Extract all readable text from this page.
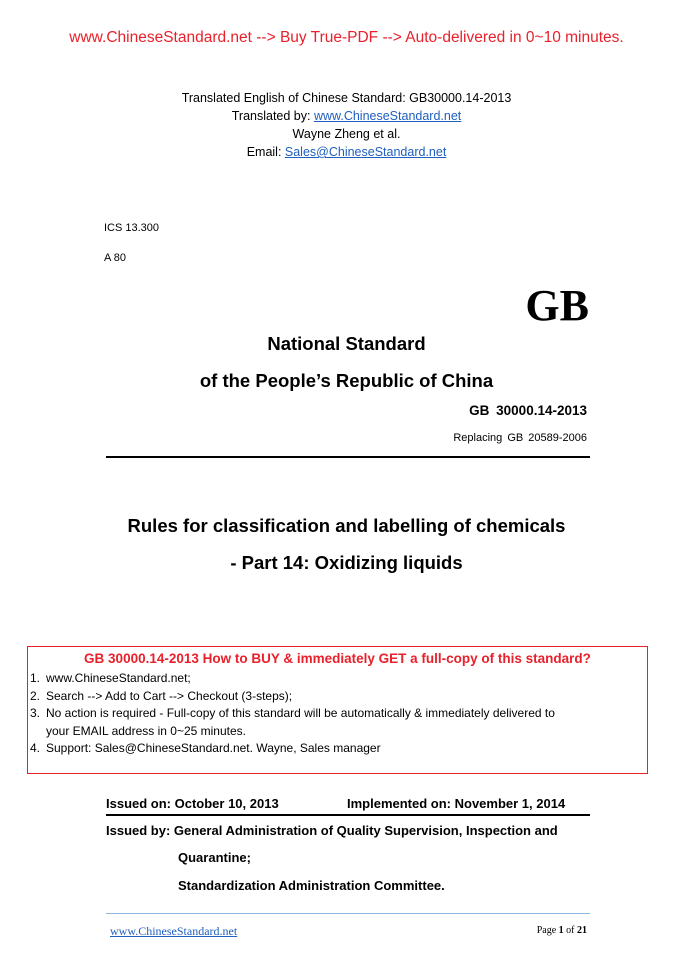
www.ChineseStandard.net --> Buy True-PDF --> Auto-delivered in 0~10 minutes.
Translated English of Chinese Standard: GB30000.14-2013
Translated by: www.ChineseStandard.net
Wayne Zheng et al.
Email: Sales@ChineseStandard.net
ICS 13.300
A 80
GB
National Standard
of the People’s Republic of China
GB 30000.14-2013
Replacing GB 20589-2006
Rules for classification and labelling of chemicals
- Part 14: Oxidizing liquids
GB 30000.14-2013 How to BUY & immediately GET a full-copy of this standard?
1. www.ChineseStandard.net;
2. Search --> Add to Cart --> Checkout (3-steps);
3. No action is required - Full-copy of this standard will be automatically & immediately delivered to
your EMAIL address in 0~25 minutes.
4. Support: Sales@ChineseStandard.net. Wayne, Sales manager
Issued on: October 10, 2013	Implemented on: November 1, 2014
Issued by: General Administration of Quality Supervision, Inspection and
Quarantine;
Standardization Administration Committee.
www.ChineseStandard.net	Page 1 of 21
